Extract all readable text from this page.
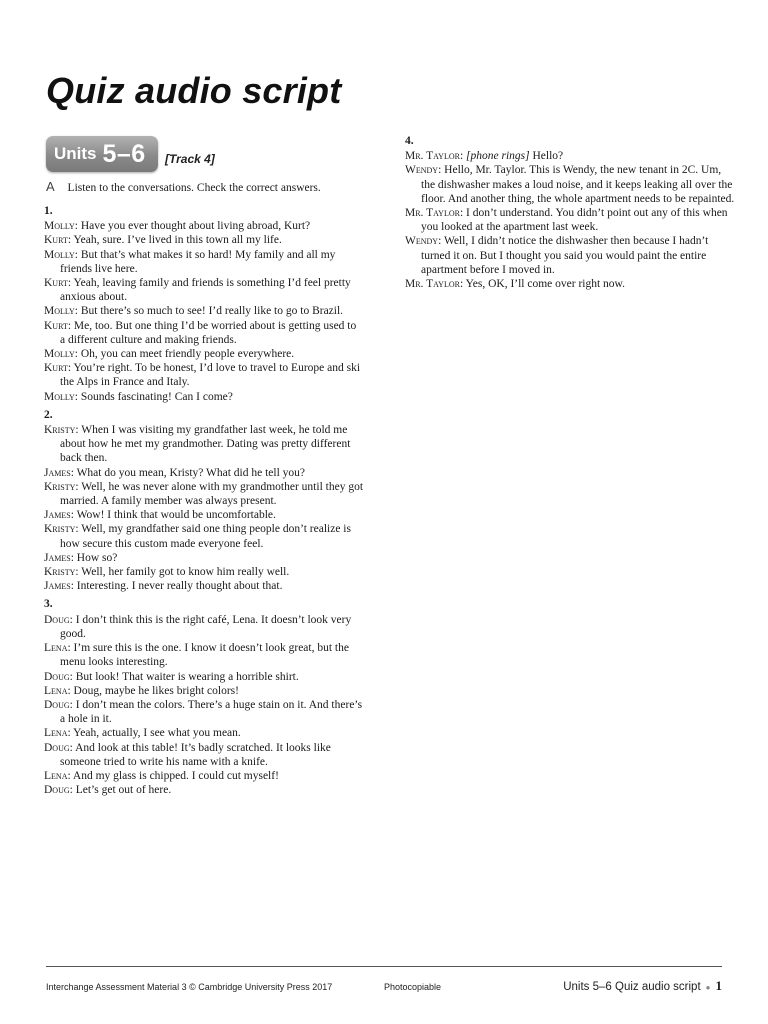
Quiz audio script
Units 5–6 [Track 4]
A Listen to the conversations. Check the correct answers.
1.

Molly: Have you ever thought about living abroad, Kurt?

Kurt: Yeah, sure. I’ve lived in this town all my life.

Molly: But that’s what makes it so hard! My family and all my friends live here.

Kurt: Yeah, leaving family and friends is something I’d feel pretty anxious about.

Molly: But there’s so much to see! I’d really like to go to Brazil.

Kurt: Me, too. But one thing I’d be worried about is getting used to a different culture and making friends.

Molly: Oh, you can meet friendly people everywhere.

Kurt: You’re right. To be honest, I’d love to travel to Europe and ski the Alps in France and Italy.

Molly: Sounds fascinating! Can I come?

2.

Kristy: When I was visiting my grandfather last week, he told me about how he met my grandmother. Dating was pretty different back then.

James: What do you mean, Kristy? What did he tell you?

Kristy: Well, he was never alone with my grandmother until they got married. A family member was always present.

James: Wow! I think that would be uncomfortable.

Kristy: Well, my grandfather said one thing people don’t realize is how secure this custom made everyone feel.

James: How so?

Kristy: Well, her family got to know him really well.

James: Interesting. I never really thought about that.

3.

Doug: I don’t think this is the right café, Lena. It doesn’t look very good.

Lena: I’m sure this is the one. I know it doesn’t look great, but the menu looks interesting.

Doug: But look! That waiter is wearing a horrible shirt.

Lena: Doug, maybe he likes bright colors!

Doug: I don’t mean the colors. There’s a huge stain on it. And there’s a hole in it.

Lena: Yeah, actually, I see what you mean.

Doug: And look at this table! It’s badly scratched. It looks like someone tried to write his name with a knife.

Lena: And my glass is chipped. I could cut myself!

Doug: Let’s get out of here.

4.

Mr. Taylor: [phone rings] Hello?

Wendy: Hello, Mr. Taylor. This is Wendy, the new tenant in 2C. Um, the dishwasher makes a loud noise, and it keeps leaking all over the floor. And another thing, the whole apartment needs to be repainted.

Mr. Taylor: I don’t understand. You didn’t point out any of this when you looked at the apartment last week.

Wendy: Well, I didn’t notice the dishwasher then because I hadn’t turned it on. But I thought you said you would paint the entire apartment before I moved in.

Mr. Taylor: Yes, OK, I’ll come over right now.

Interchange Assessment Material 3 © Cambridge University Press 2017	Photocopiable	Units 5–6 Quiz audio script ● 1
